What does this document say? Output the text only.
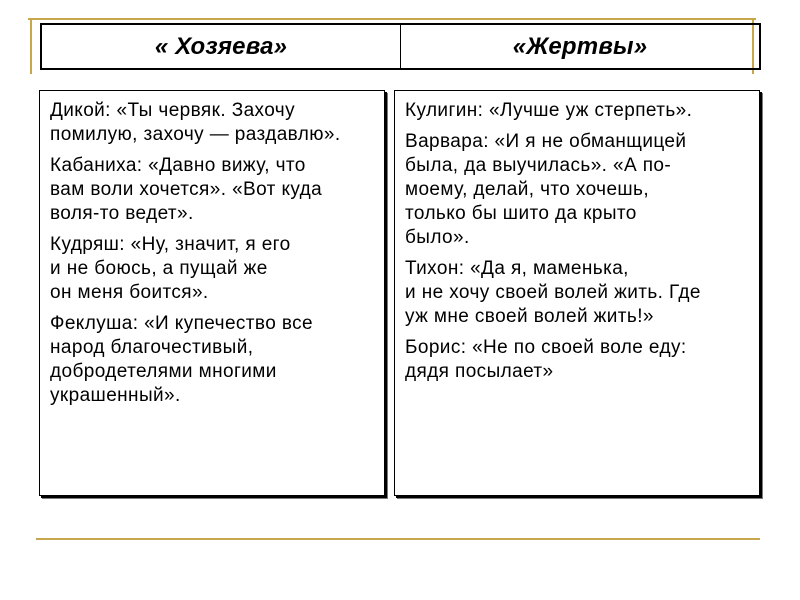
« Хозяева»	«Жертвы»

Дикой: «Ты червяк. Захочу
помилую, захочу — раздавлю».

Кабаниха: «Давно вижу, что
вам воли хочется». «Вот куда
воля-то ведет».

Кудряш: «Ну, значит, я его
и не боюсь, а пущай же
он меня боится».

Феклуша: «И купечество все
народ благочестивый,
добродетелями многими
украшенный».

Кулигин: «Лучше уж стерпеть».

Варвара: «И я не обманщицей
была, да выучилась». «А по-
моему, делай, что хочешь,
только бы шито да крыто
было».

Тихон: «Да я, маменька,
и не хочу своей волей жить. Где
уж мне своей волей жить!»

Борис: «Не по своей воле еду:
дядя посылает»
